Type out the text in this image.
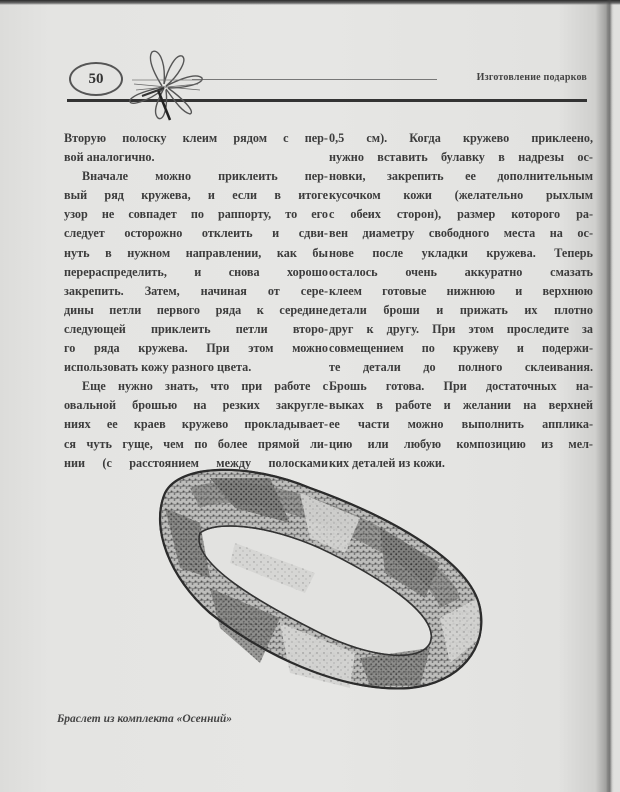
50	Изготовление подарков

Вторую полоску клеим рядом с пер-

вой аналогично.

Вначале можно приклеить пер-

вый ряд кружева, и если в итоге

узор не совпадет по раппорту, то его

следует осторожно отклеить и сдви-

нуть в нужном направлении, как бы

перераспределить, и снова хорошо

закрепить. Затем, начиная от сере-

дины петли первого ряда к середине

следующей приклеить петли второ-

го ряда кружева. При этом можно

использовать кожу разного цвета.

Еще нужно знать, что при работе с

овальной брошью на резких закругле-

ниях ее краев кружево прокладывает-

ся чуть гуще, чем по более прямой ли-

нии (с расстоянием между полосками

0,5 см). Когда кружево приклеено,

нужно вставить булавку в надрезы ос-

новки, закрепить ее дополнительным

кусочком кожи (желательно рыхлым

с обеих сторон), размер которого ра-

вен диаметру свободного места на ос-

нове после укладки кружева. Теперь

осталось очень аккуратно смазать

клеем готовые нижнюю и верхнюю

детали броши и прижать их плотно

друг к другу. При этом проследите за

совмещением по кружеву и подержи-

те детали до полного склеивания.

Брошь готова. При достаточных на-

выках в работе и желании на верхней

ее части можно выполнить апплика-

цию или любую композицию из мел-

ких деталей из кожи.

Браслет из комплекта «Осенний»
